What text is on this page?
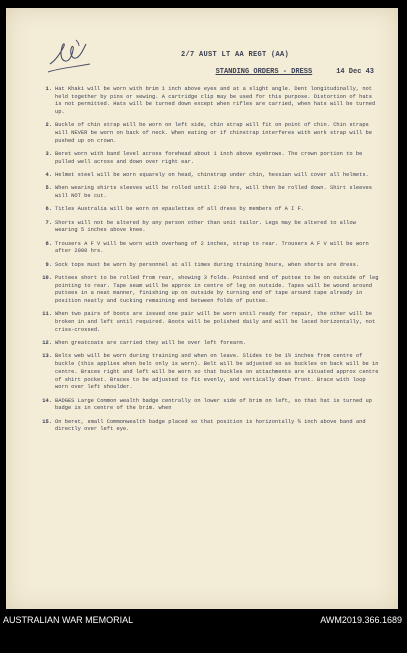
2/7 AUST LT AA REGT (AA)
STANDING ORDERS - DRESS	14 Dec 43
1. Hat Khaki will be worn with brim 1 inch above eyes and at a slight angle. Dent longitudinally, not held together by pins or sewing. A cartridge clip may be used for this purpose. Distortion of hats is not permitted. Hats will be turned down except when rifles are carried, when hats will be turned up.
2. Buckle of chin strap will be worn on left side, chin strap will fit on point of chin. Chin straps will NEVER be worn on back of neck. When eating or if chinstrap interferes with work strap will be pushed up on crown.
3. Beret worn with band level across forehead about 1 inch above eyebrows. The crown portion to be pulled well across and down over right ear.
4. Helmet steel will be worn squarely on head, chinstrap under chin, hessian will cover all helmets.
5. When wearing shirts sleeves will be rolled until 2:00 hrs, will then be rolled down. Shirt sleeves will NOT be cut.
6. Titles Australia will be worn on epaulettes of all dress by members of A I F.
7. Shorts will not be altered by any person other than unit tailor. Legs may be altered to allow wearing 5 inches above knee.
8. Trousers A F V will be worn with overhang of 2 inches, strap to rear. Trousers A F V will be worn after 2000 hrs.
9. Sock tops must be worn by personnel at all times during training hours, when shorts are dress.
10. Puttees short to be rolled from rear, showing 3 folds. Pointed end of puttee to be on outside of leg pointing to rear. Tape seam will be approx in centre of leg on outside. Tapes will be wound around puttees in a neat manner, finishing up on outside by turning end of tape around tape already in position neatly and tucking remaining end between folds of puttee.
11. When two pairs of boots are issued one pair will be worn until ready for repair, the other will be broken in and left until required. Boots will be polished daily and will be laced horizontally, not criss-crossed.
12. When greatcoats are carried they will be over left forearm.
13. Belts web will be worn during training and when on leave. Slides to be 1½ inches from centre of buckle (this applies when belt only is worn). Belt will be adjusted so as buckles on back will be in centre. Braces right and left will be worn so that buckles on attachments are situated approx centre of shirt pocket. Braces to be adjusted to fit evenly, and vertically down front. Brace with loop worn over left shoulder.
14. BADGES Large Common wealth badge centrally on lower side of brim on left, so that hat is turned up badge is in centre of the brim. when
15. On beret, small Commonwealth badge placed so that position is horizontally ¾ inch above band and directly over left eye.
AUSTRALIAN WAR MEMORIAL	AWM2019.366.1689
